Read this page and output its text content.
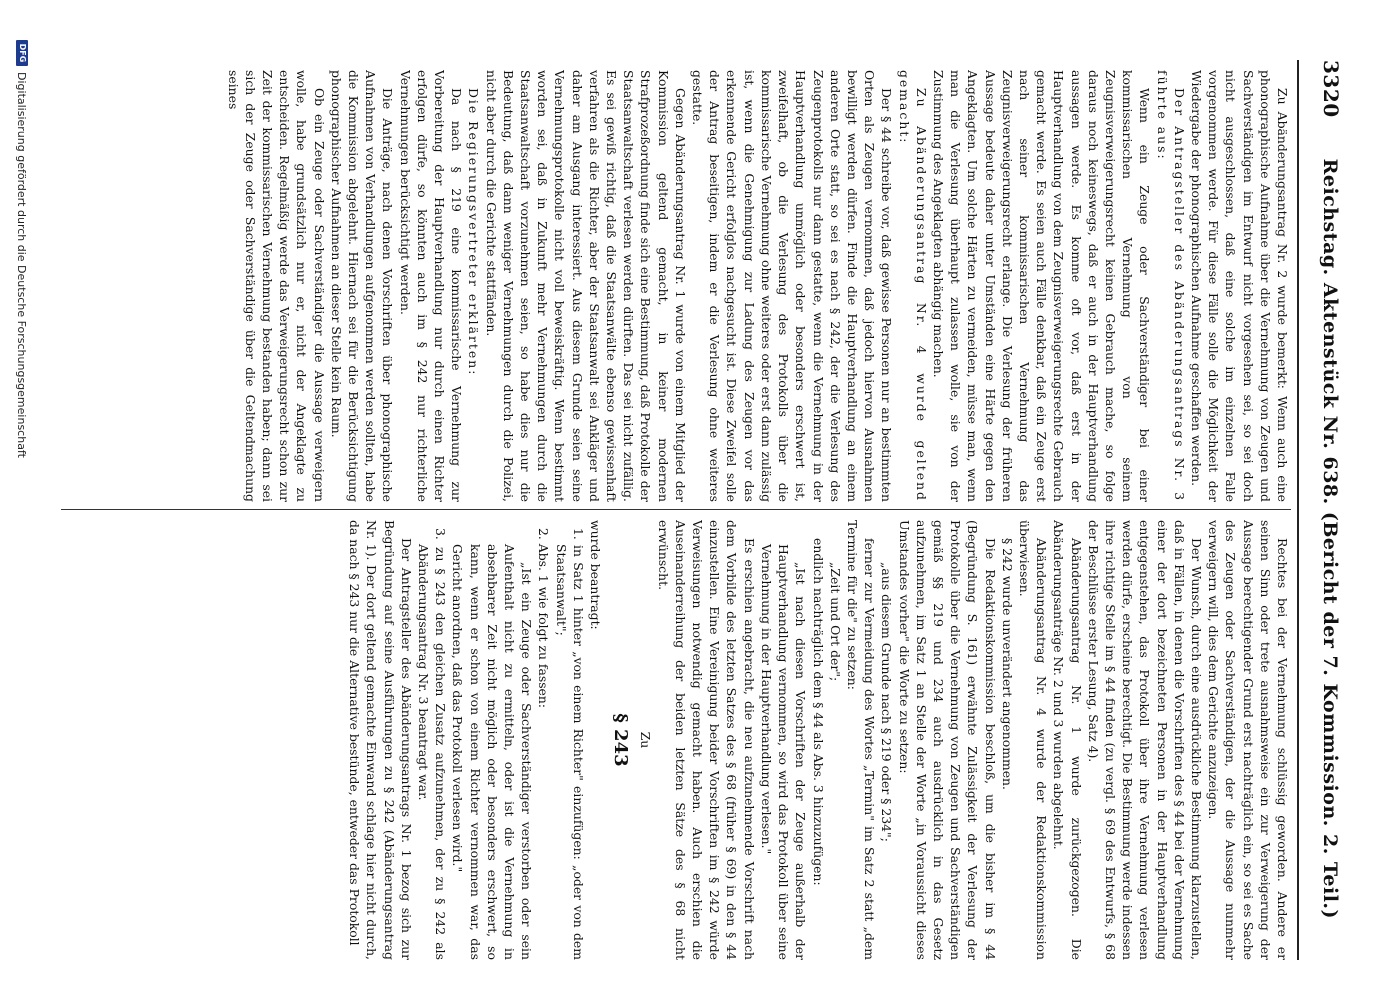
3320
Reichstag. Aktenstück Nr. 638. (Bericht der 7. Kommission. 2. Teil.)

Zu Abänderungsantrag Nr. 2 wurde bemerkt: Wenn auch eine phonographische Aufnahme über die Vernehmung von Zeugen und Sachverständigen im Entwurf nicht vorgesehen sei, so sei doch nicht ausgeschlossen, daß eine solche im einzelnen Falle vorgenommen werde. Für diese Fälle solle die Möglichkeit der Wiedergabe der phonographischen Aufnahme geschaffen werden.

Der Antragsteller des Abänderungsantrags Nr. 3 führte aus:

Wenn ein Zeuge oder Sachverständiger bei einer kommissarischen Vernehmung von seinem Zeugnisverweigerungsrecht keinen Gebrauch mache, so folge daraus noch keineswegs, daß er auch in der Hauptverhandlung aussagen werde. Es komme oft vor, daß erst in der Hauptverhandlung von dem Zeugnisverweigerungsrechte Gebrauch gemacht werde. Es seien auch Fälle denkbar, daß ein Zeuge erst nach seiner kommissarischen Vernehmung das Zeugnisverweigerungsrecht erlange. Die Verlesung der früheren Aussage bedeute daher unter Umständen eine Härte gegen den Angeklagten. Um solche Härten zu vermeiden, müsse man, wenn man die Verlesung überhaupt zulassen wolle, sie von der Zustimmung des Angeklagten abhängig machen.

Zu Abänderungsantrag Nr. 4 wurde geltend gemacht:

Der § 44 schreibe vor, daß gewisse Personen nur an bestimmten Orten als Zeugen vernommen, daß jedoch hiervon Ausnahmen bewilligt werden dürfen. Finde die Hauptverhandlung an einem anderen Orte statt, so sei es nach § 242, der die Verlesung des Zeugenprotokolls nur dann gestatte, wenn die Vernehmung in der Hauptverhandlung unmöglich oder besonders erschwert ist, zweifelhaft, ob die Verlesung des Protokolls über die kommissarische Vernehmung ohne weiteres oder erst dann zulässig ist, wenn die Genehmigung zur Ladung des Zeugen vor das erkennende Gericht erfolglos nachgesucht ist. Diese Zweifel solle der Antrag beseitigen, indem er die Verlesung ohne weiteres gestatte.

Gegen Abänderungsantrag Nr. 1 wurde von einem Mitglied der Kommission geltend gemacht, in keiner modernen Strafprozeßordnung finde sich eine Bestimmung, daß Protokolle der Staatsanwaltschaft verlesen werden dürften. Das sei nicht zufällig. Es sei gewiß richtig, daß die Staatsanwälte ebenso gewissenhaft verfahren als die Richter, aber der Staatsanwalt sei Ankläger und daher am Ausgang interessiert. Aus diesem Grunde seien seine Vernehmungsprotokolle nicht voll beweiskräftig. Wenn bestimmt worden sei, daß in Zukunft mehr Vernehmungen durch die Staatsanwaltschaft vorzunehmen seien, so habe dies nur die Bedeutung, daß dann weniger Vernehmungen durch die Polizei, nicht aber durch die Gerichte stattfänden.

Die Regierungsvertreter erklärten:

Da nach § 219 eine kommissarische Vernehmung zur Vorbereitung der Hauptverhandlung nur durch einen Richter erfolgen dürfe, so könnten auch im § 242 nur richterliche Vernehmungen berücksichtigt werden.

Die Anträge, nach denen Vorschriften über phonographische Aufnahmen von Verhandlungen aufgenommen werden sollten, habe die Kommission abgelehnt. Hiernach sei für die Berücksichtigung phonographischer Aufnahmen an dieser Stelle kein Raum.

Ob ein Zeuge oder Sachverständiger die Aussage verweigern wolle, habe grundsätzlich nur er, nicht der Angeklagte zu entscheiden. Regelmäßig werde das Verweigerungsrecht schon zur Zeit der kommissarischen Vernehmung bestanden haben; dann sei sich der Zeuge oder Sachverständige über die Geltendmachung seines

Rechtes bei der Vernehmung schlüssig geworden. Andere er seinen Sinn oder trete ausnahmsweise ein zur Verweigerung der Aussage berechtigender Grund erst nachträglich ein, so sei es Sache des Zeugen oder Sachverständigen, der die Aussage nunmehr verweigern will, dies dem Gerichte anzuzeigen.

Der Wunsch, durch eine ausdrückliche Bestimmung klarzustellen, daß in Fällen, in denen die Vorschriften des § 44 bei der Vernehmung einer der dort bezeichneten Personen in der Hauptverhandlung entgegenstehen, das Protokoll über ihre Vernehmung verlesen werden dürfe, erscheine berechtigt. Die Bestimmung werde indessen ihre richtige Stelle im § 44 finden (zu vergl. § 69 des Entwurfs, § 68 der Beschlüsse erster Lesung, Satz 4).

Abänderungsantrag Nr. 1 wurde zurückgezogen. Die Abänderungsanträge Nr. 2 und 3 wurden abgelehnt.

Abänderungsantrag Nr. 4 wurde der Redaktionskommission überwiesen.

§ 242 wurde unverändert angenommen.

Die Redaktionskommission beschloß, um die bisher im § 44 (Begründung S. 161) erwähnte Zulässigkeit der Verlesung der Protokolle über die Vernehmung von Zeugen und Sachverständigen gemäß §§ 219 und 234 auch ausdrücklich in das Gesetz aufzunehmen, im Satz 1 an Stelle der Worte „in Voraussicht dieses Umstandes vorher" die Worte zu setzen:

„aus diesem Grunde nach § 219 oder § 234";

ferner zur Vermeidung des Wortes „Termin" im Satz 2 statt „dem Termine für die" zu setzen:

„Zeit und Ort der";

endlich nachträglich dem § 44 als Abs. 3 hinzuzufügen:

„Ist nach diesen Vorschriften der Zeuge außerhalb der Hauptverhandlung vernommen, so wird das Protokoll über seine Vernehmung in der Hauptverhandlung verlesen."

Es erschien angebracht, die neu aufzunehmende Vorschrift nach dem Vorbilde des letzten Satzes des § 68 (früher § 69) in den § 44 einzustellen. Eine Vereinigung beider Vorschriften im § 242 würde Verweisungen notwendig gemacht haben. Auch erschien die Auseinanderreihung der beiden letzten Sätze des § 68 nicht erwünscht.

Zu

§ 243

wurde beantragt:

1. in Satz 1 hinter „von einem Richter" einzufügen: „oder von dem Staatsanwalt";

2. Abs. 1 wie folgt zu fassen:

„Ist ein Zeuge oder Sachverständiger verstorben oder sein Aufenthalt nicht zu ermitteln, oder ist die Vernehmung in absehbarer Zeit nicht möglich oder besonders erschwert, so kann, wenn er schon von einem Richter vernommen war, das Gericht anordnen, daß das Protokoll verlesen wird."

3. zu § 243 den gleichen Zusatz aufzunehmen, der zu § 242 als Abänderungsantrag Nr. 3 beantragt war.

Der Antragsteller des Abänderungsantrags Nr. 1 bezog sich zur Begründung auf seine Ausführungen zu § 242 (Abänderungsantrag Nr. 1). Der dort geltend gemachte Einwand schlage hier nicht durch, da nach § 243 nur die Alternative bestünde, entweder das Protokoll

DFG
Digitalisierung gefördert durch die Deutsche Forschungsgemeinschaft
